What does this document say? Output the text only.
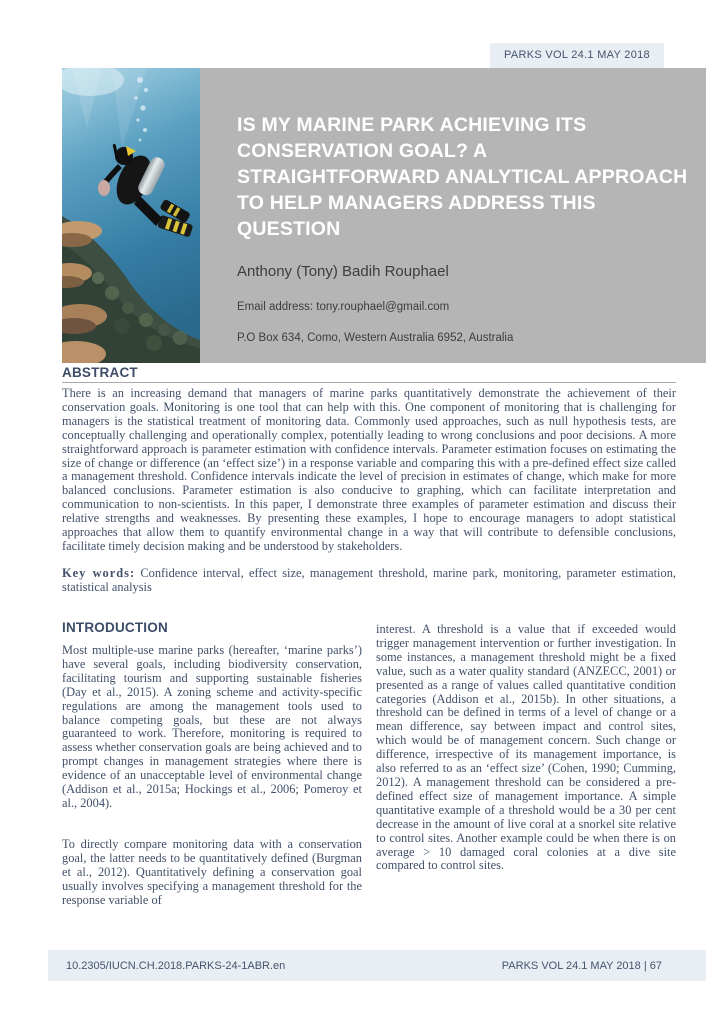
PARKS VOL 24.1 MAY 2018
IS MY MARINE PARK ACHIEVING ITS CONSERVATION GOAL? A STRAIGHTFORWARD ANALYTICAL APPROACH TO HELP MANAGERS ADDRESS THIS QUESTION
Anthony (Tony) Badih Rouphael
Email address: tony.rouphael@gmail.com
P.O Box 634, Como, Western Australia 6952, Australia
ABSTRACT

There is an increasing demand that managers of marine parks quantitatively demonstrate the achievement of their conservation goals. Monitoring is one tool that can help with this. One component of monitoring that is challenging for managers is the statistical treatment of monitoring data. Commonly used approaches, such as null hypothesis tests, are conceptually challenging and operationally complex, potentially leading to wrong conclusions and poor decisions. A more straightforward approach is parameter estimation with confidence intervals. Parameter estimation focuses on estimating the size of change or difference (an ‘effect size’) in a response variable and comparing this with a pre-defined effect size called a management threshold. Confidence intervals indicate the level of precision in estimates of change, which make for more balanced conclusions. Parameter estimation is also conducive to graphing, which can facilitate interpretation and communication to non-scientists. In this paper, I demonstrate three examples of parameter estimation and discuss their relative strengths and weaknesses. By presenting these examples, I hope to encourage managers to adopt statistical approaches that allow them to quantify environmental change in a way that will contribute to defensible conclusions, facilitate timely decision making and be understood by stakeholders.

Key words: Confidence interval, effect size, management threshold, marine park, monitoring, parameter estimation, statistical analysis

INTRODUCTION

Most multiple-use marine parks (hereafter, ‘marine parks’) have several goals, including biodiversity conservation, facilitating tourism and supporting sustainable fisheries (Day et al., 2015). A zoning scheme and activity-specific regulations are among the management tools used to balance competing goals, but these are not always guaranteed to work. Therefore, monitoring is required to assess whether conservation goals are being achieved and to prompt changes in management strategies where there is evidence of an unacceptable level of environmental change (Addison et al., 2015a; Hockings et al., 2006; Pomeroy et al., 2004).

To directly compare monitoring data with a conservation goal, the latter needs to be quantitatively defined (Burgman et al., 2012). Quantitatively defining a conservation goal usually involves specifying a management threshold for the response variable of

interest. A threshold is a value that if exceeded would trigger management intervention or further investigation. In some instances, a management threshold might be a fixed value, such as a water quality standard (ANZECC, 2001) or presented as a range of values called quantitative condition categories (Addison et al., 2015b). In other situations, a threshold can be defined in terms of a level of change or a mean difference, say between impact and control sites, which would be of management concern. Such change or difference, irrespective of its management importance, is also referred to as an ‘effect size’ (Cohen, 1990; Cumming, 2012). A management threshold can be considered a pre-defined effect size of management importance. A simple quantitative example of a threshold would be a 30 per cent decrease in the amount of live coral at a snorkel site relative to control sites. Another example could be when there is on average > 10 damaged coral colonies at a dive site compared to control sites.

10.2305/IUCN.CH.2018.PARKS-24-1ABR.en	PARKS VOL 24.1 MAY 2018 | 67
